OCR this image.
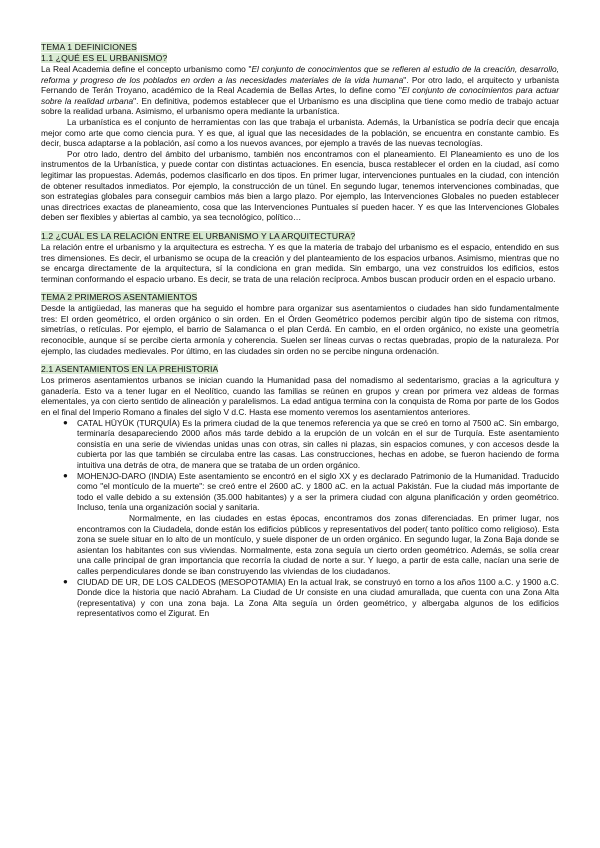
TEMA 1 DEFINICIONES
1.1 ¿QUÉ ES EL URBANISMO?

La Real Academia define el concepto urbanismo como "El conjunto de conocimientos que se refieren al estudio de la creación, desarrollo, reforma y progreso de los poblados en orden a las necesidades materiales de la vida humana". Por otro lado, el arquitecto y urbanista Fernando de Terán Troyano, académico de la Real Academia de Bellas Artes, lo define como "El conjunto de conocimientos para actuar sobre la realidad urbana". En definitiva, podemos establecer que el Urbanismo es una disciplina que tiene como medio de trabajo actuar sobre la realidad urbana. Asimismo, el urbanismo opera mediante la urbanística.

La urbanística es el conjunto de herramientas con las que trabaja el urbanista. Además, la Urbanística se podría decir que encaja mejor como arte que como ciencia pura. Y es que, al igual que las necesidades de la población, se encuentra en constante cambio. Es decir, busca adaptarse a la población, así como a los nuevos avances, por ejemplo a través de las nuevas tecnologías.

Por otro lado, dentro del ámbito del urbanismo, también nos encontramos con el planeamiento. El Planeamiento es uno de los instrumentos de la Urbanística, y puede contar con distintas actuaciones. En esencia, busca restablecer el orden en la ciudad, así como legitimar las propuestas. Además, podemos clasificarlo en dos tipos. En primer lugar, intervenciones puntuales en la ciudad, con intención de obtener resultados inmediatos. Por ejemplo, la construcción de un túnel. En segundo lugar, tenemos intervenciones combinadas, que son estrategias globales para conseguir cambios más bien a largo plazo. Por ejemplo, las Intervenciones Globales no pueden establecer unas directrices exactas de planeamiento, cosa que las Intervenciones Puntuales sí pueden hacer. Y es que las Intervenciones Globales deben ser flexibles y abiertas al cambio, ya sea tecnológico, político…

1.2 ¿CUÁL ES LA RELACIÓN ENTRE EL URBANISMO Y LA ARQUITECTURA?

La relación entre el urbanismo y la arquitectura es estrecha. Y es que la materia de trabajo del urbanismo es el espacio, entendido en sus tres dimensiones. Es decir, el urbanismo se ocupa de la creación y del planteamiento de los espacios urbanos. Asimismo, mientras que no se encarga directamente de la arquitectura, sí la condiciona en gran medida. Sin embargo, una vez construidos los edificios, estos terminan conformando el espacio urbano. Es decir, se trata de una relación recíproca. Ambos buscan producir orden en el espacio urbano.

TEMA 2 PRIMEROS ASENTAMIENTOS

Desde la antigüedad, las maneras que ha seguido el hombre para organizar sus asentamientos o ciudades han sido fundamentalmente tres: El orden geométrico, el orden orgánico o sin orden. En el Órden Geométrico podemos percibir algún tipo de sistema con ritmos, simetrías, o retículas. Por ejemplo, el barrio de Salamanca o el plan Cerdá. En cambio, en el orden orgánico, no existe una geometría reconocible, aunque sí se percibe cierta armonía y coherencia. Suelen ser líneas curvas o rectas quebradas, propio de la naturaleza. Por ejemplo, las ciudades medievales. Por último, en las ciudades sin orden no se percibe ninguna ordenación.

2.1 ASENTAMIENTOS EN LA PREHISTORIA

Los primeros asentamientos urbanos se inician cuando la Humanidad pasa del nomadismo al sedentarismo, gracias a la agricultura y ganadería. Esto va a tener lugar en el Neolítico, cuando las familias se reúnen en grupos y crean por primera vez aldeas de formas elementales, ya con cierto sentido de alineación y paralelismos. La edad antigua termina con la conquista de Roma por parte de los Godos en el final del Imperio Romano a finales del siglo V d.C. Hasta ese momento veremos los asentamientos anteriores.

● CATAL HÜYÜK (TURQUÍA) Es la primera ciudad de la que tenemos referencia ya que se creó en torno al 7500 aC. Sin embargo, terminaría desapareciendo 2000 años más tarde debido a la erupción de un volcán en el sur de Turquía. Este asentamiento consistía en una serie de viviendas unidas unas con otras, sin calles ni plazas, sin espacios comunes, y con accesos desde la cubierta por las que también se circulaba entre las casas. Las construcciones, hechas en adobe, se fueron haciendo de forma intuitiva una detrás de otra, de manera que se trataba de un orden orgánico.
● MOHENJO-DARO (INDIA) Este asentamiento se encontró en el siglo XX y es declarado Patrimonio de la Humanidad. Traducido como "el montículo de la muerte": se creó entre el 2600 aC. y 1800 aC. en la actual Pakistán. Fue la ciudad más importante de todo el valle debido a su extensión (35.000 habitantes) y a ser la primera ciudad con alguna planificación y orden geométrico. Incluso, tenía una organización social y sanitaria.

Normalmente, en las ciudades en estas épocas, encontramos dos zonas diferenciadas. En primer lugar, nos encontramos con la Ciudadela, donde están los edificios públicos y representativos del poder( tanto político como religioso). Esta zona se suele situar en lo alto de un montículo, y suele disponer de un orden orgánico. En segundo lugar, la Zona Baja donde se asientan los habitantes con sus viviendas. Normalmente, esta zona seguía un cierto orden geométrico. Además, se solía crear una calle principal de gran importancia que recorría la ciudad de norte a sur. Y luego, a partir de esta calle, nacían una serie de calles perpendiculares donde se iban construyendo las viviendas de los ciudadanos.

● CIUDAD DE UR, DE LOS CALDEOS (MESOPOTAMIA) En la actual Irak, se construyó en torno a los años 1100 a.C. y 1900 a.C. Donde dice la historia que nació Abraham. La Ciudad de Ur consiste en una ciudad amurallada, que cuenta con una Zona Alta (representativa) y con una zona baja. La Zona Alta seguía un órden geométrico, y albergaba algunos de los edificios representativos como el Zigurat. En
